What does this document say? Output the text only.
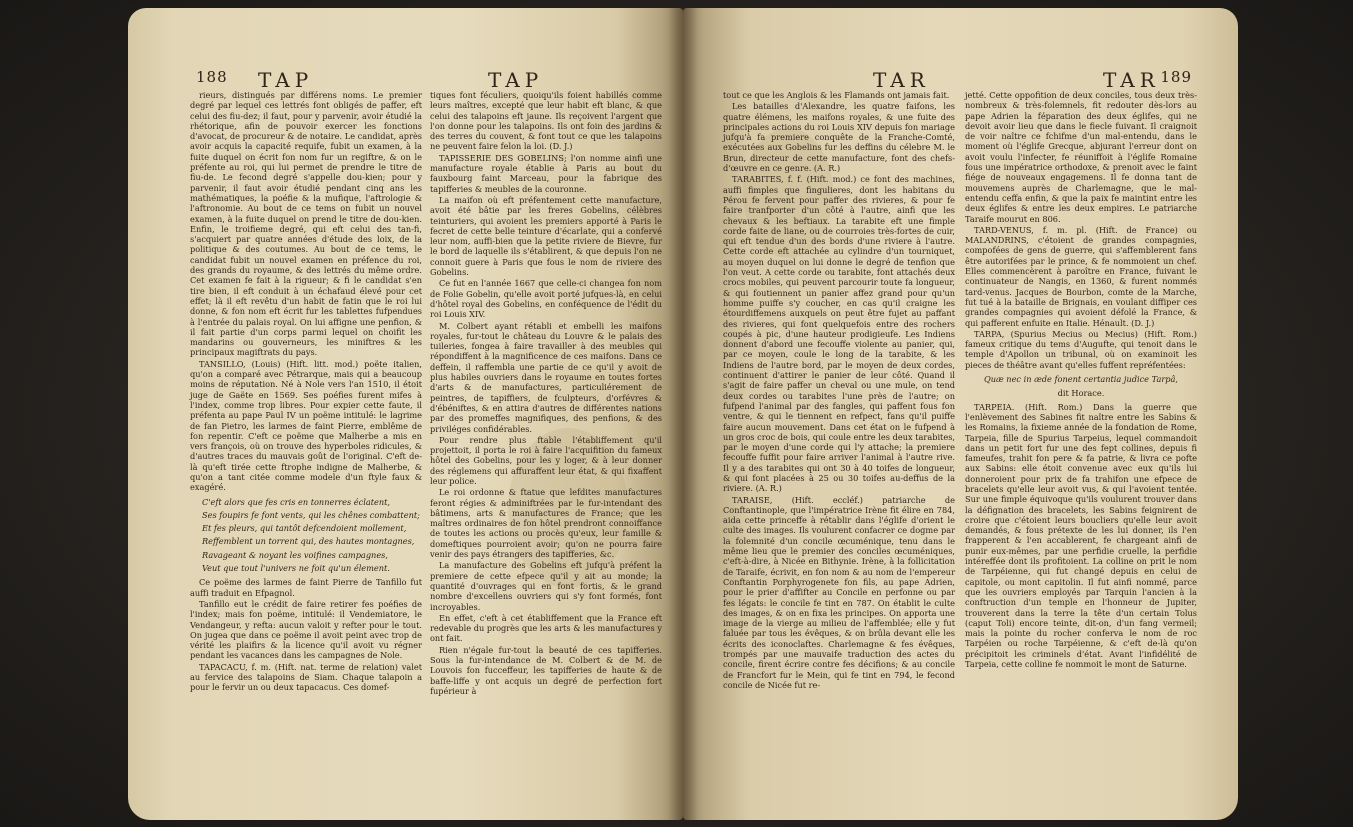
188 TAP	TAP

rieurs, distingués par différens noms. Le premier degré par lequel ces lettrés font obligés de paffer, eft celui des fiu-dez; il faut, pour y parvenir, avoir étudié la rhétorique, afin de pouvoir exercer les fonctions d'avocat, de procureur & de notaire. Le candidat, après avoir acquis la capacité requife, fubit un examen, à la fuite duquel on écrit fon nom fur un regiftre, & on le préfente au roi, qui lui permet de prendre le titre de fiu-de. Le fecond degré s'appelle dou-kien; pour y parvenir, il faut avoir étudié pendant cinq ans les mathématiques, la poéfie & la mufique, l'aftrologie & l'aftronomie. Au bout de ce tems on fubit un nouvel examen, à la fuite duquel on prend le titre de dou-kien. Enfin, le troifieme degré, qui eft celui des tan-fi, s'acquiert par quatre années d'étude des loix, de la politique & des coutumes. Au bout de ce tems, le candidat fubit un nouvel examen en préfence du roi, des grands du royaume, & des lettrés du même ordre. Cet examen fe fait à la rigueur; & fi le candidat s'en tire bien, il eft conduit à un échafaud élevé pour cet effet; là il eft revêtu d'un habit de fatin que le roi lui donne, & fon nom eft écrit fur les tablettes fufpendues à l'entrée du palais royal. On lui affigne une penfion, & il fait partie d'un corps parmi lequel on choifit les mandarins ou gouverneurs, les miniftres & les principaux magiftrats du pays.

TANSILLO, (Louis) (Hift. litt. mod.) poëte italien, qu'on a comparé avec Pétrarque, mais qui a beaucoup moins de réputation. Né à Nole vers l'an 1510, il étoit juge de Gaëte en 1569. Ses poéfies furent mifes à l'index, comme trop libres. Pour expier cette faute, il préfenta au pape Paul IV un poëme intitulé: le lagrime de fan Pietro, les larmes de faint Pierre, emblême de fon repentir. C'eft ce poëme que Malherbe a mis en vers françois, où on trouve des hyperboles ridicules, & d'autres traces du mauvais goût de l'original. C'eft de-là qu'eft tirée cette ftrophe indigne de Malherbe, & qu'on a tant citée comme modele d'un ftyle faux & exagéré.

C'eft alors que fes cris en tonnerres éclatent,

Ses foupirs fe font vents, qui les chênes combattent;

Et fes pleurs, qui tantôt defcendoient mollement,

Reffemblent un torrent qui, des hautes montagnes,

Ravageant & noyant les voifines campagnes,

Veut que tout l'univers ne foit qu'un élement.

Ce poëme des larmes de faint Pierre de Tanfillo fut auffi traduit en Efpagnol.

Tanfillo eut le crédit de faire retirer fes poéfies de l'index; mais fon poëme, intitulé: il Vendemiatore, le Vendangeur, y refta: aucun valoit y refter pour le tout. On jugea que dans ce poëme il avoit peint avec trop de vérité les plaifirs & la licence qu'il avoit vu régner pendant les vacances dans les campagnes de Nole.

TAPACACU, f. m. (Hift. nat. terme de relation) valet au fervice des talapoins de Siam. Chaque talapoin a pour le fervir un ou deux tapacacus. Ces domef-

tiques font féculiers, quoiqu'ils foient habillés comme leurs maîtres, excepté que leur habit eft blanc, & que celui des talapoins eft jaune. Ils reçoivent l'argent que l'on donne pour les talapoins. Ils ont foin des jardins & des terres du couvent, & font tout ce que les talapoins ne peuvent faire felon la loi. (D. J.)

TAPISSERIE DES GOBELINS; l'on nomme ainfi une manufacture royale établie à Paris au bout du fauxbourg faint Marceau, pour la fabrique des tapifferies & meubles de la couronne.

La maifon où eft préfentement cette manufacture, avoit été bâtie par les freres Gobelins, célèbres teinturiers, qui avoient les premiers apporté à Paris le fecret de cette belle teinture d'écarlate, qui a confervé leur nom, auffi-bien que la petite riviere de Bievre, fur le bord de laquelle ils s'établirent, & que depuis l'on ne connoit guere à Paris que fous le nom de riviere des Gobelins.

Ce fut en l'année 1667 que celle-ci changea fon nom de Folie Gobelin, qu'elle avoit porté jufques-là, en celui d'hôtel royal des Gobelins, en conféquence de l'édit du roi Louis XIV.

M. Colbert ayant rétabli et embelli les maifons royales, fur-tout le château du Louvre & le palais des tuileries, fongea à faire travailler à des meubles qui répondiffent à la magnificence de ces maifons. Dans ce deffein, il raffembla une partie de ce qu'il y avoit de plus habiles ouvriers dans le royaume en toutes fortes d'arts & de manufactures, particuliérement de peintres, de tapiffiers, de fculpteurs, d'orfévres & d'ébéniftes, & en attira d'autres de différentes nations par des promeffes magnifiques, des penfions, & des priviléges confidérables.

Pour rendre plus ftable l'établiffement qu'il projettoit, il porta le roi à faire l'acquifition du fameux hôtel des Gobelins, pour les y loger, & à leur donner des réglemens qui affuraffent leur état, & qui fixaffent leur police.

Le roi ordonne & ftatue que lefdites manufactures feront régies & adminiftrées par le fur-intendant des bâtimens, arts & manufactures de France; que les maîtres ordinaires de fon hôtel prendront connoiffance de toutes les actions ou procès qu'eux, leur famille & domeftiques pourroient avoir; qu'on ne pourra faire venir des pays étrangers des tapifferies, &c.

La manufacture des Gobelins eft jufqu'à préfent la premiere de cette efpece qu'il y ait au monde; la quantité d'ouvrages qui en font fortis, & le grand nombre d'excellens ouvriers qui s'y font formés, font incroyables.

En effet, c'eft à cet établiffement que la France eft redevable du progrès que les arts & les manufactures y ont fait.

Rien n'égale fur-tout la beauté de ces tapifferies. Sous la fur-intendance de M. Colbert & de M. de Louvois fon fucceffeur, les tapifferies de haute & de baffe-liffe y ont acquis un degré de perfection fort fupérieur à

TAR	TAR 189

tout ce que les Anglois & les Flamands ont jamais fait.

Les batailles d'Alexandre, les quatre faifons, les quatre élémens, les maifons royales, & une fuite des principales actions du roi Louis XIV depuis fon mariage jufqu'à fa premiere conquête de la Franche-Comté, exécutées aux Gobelins fur les deffins du célebre M. le Brun, directeur de cette manufacture, font des chefs-d'œuvre en ce genre. (A. R.)

TARABITES, f. f. (Hift. mod.) ce font des machines, auffi fimples que fingulieres, dont les habitans du Pérou fe fervent pour paffer des rivieres, & pour fe faire tranfporter d'un côté à l'autre, ainfi que les chevaux & les beftiaux. La tarabite eft une fimple corde faite de liane, ou de courroies très-fortes de cuir, qui eft tendue d'un des bords d'une riviere à l'autre. Cette corde eft attachée au cylindre d'un tourniquet, au moyen duquel on lui donne le degré de tenfion que l'on veut. A cette corde ou tarabite, font attachés deux crocs mobiles, qui peuvent parcourir toute fa longueur, & qui foutiennent un panier affez grand pour qu'un homme puiffe s'y coucher, en cas qu'il craigne les étourdiffemens auxquels on peut être fujet au paffant des rivieres, qui font quelquefois entre des rochers coupés à pic, d'une hauteur prodigieufe. Les Indiens donnent d'abord une fecouffe violente au panier, qui, par ce moyen, coule le long de la tarabite, & les Indiens de l'autre bord, par le moyen de deux cordes, continuent d'attirer le panier de leur côté. Quand il s'agit de faire paffer un cheval ou une mule, on tend deux cordes ou tarabites l'une près de l'autre; on fufpend l'animal par des fangles, qui paffent fous fon ventre, & qui le tiennent en refpect, fans qu'il puiffe faire aucun mouvement. Dans cet état on le fufpend à un gros croc de bois, qui coule entre les deux tarabites, par le moyen d'une corde qui l'y attache; la premiere fecouffe fuffit pour faire arriver l'animal à l'autre rive. Il y a des tarabites qui ont 30 à 40 toifes de longueur, & qui font placées à 25 ou 30 toifes au-deffus de la riviere. (A. R.)

TARAISE, (Hift. eccléf.) patriarche de Conftantinople, que l'impératrice Irène fit élire en 784, aida cette princeffe à rétablir dans l'églife d'orient le culte des images. Ils voulurent confacrer ce dogme par la folemnité d'un concile œcuménique, tenu dans le même lieu que le premier des conciles œcuméniques, c'eft-à-dire, à Nicée en Bithynie. Irène, à la follicitation de Taraife, écrivit, en fon nom & au nom de l'empereur Conftantin Porphyrogenete fon fils, au pape Adrien, pour le prier d'affifter au Concile en perfonne ou par fes légats: le concile fe tint en 787. On établit le culte des images, & on en fixa les principes. On apporta une image de la vierge au milieu de l'affemblée; elle y fut faluée par tous les évêques, & on brûla devant elle les écrits des iconoclaftes. Charlemagne & fes évêques, trompés par une mauvaife traduction des actes du concile, firent écrire contre fes décifions; & au concile de Francfort fur le Mein, qui fe tint en 794, le fecond concile de Nicée fut re-

jetté. Cette oppofition de deux conciles, tous deux très-nombreux & très-folemnels, fit redouter dès-lors au pape Adrien la féparation des deux églifes, qui ne devoit avoir lieu que dans le fiecle fuivant. Il craignoit de voir naître ce fchifme d'un mal-entendu, dans le moment où l'églife Grecque, abjurant l'erreur dont on avoit voulu l'infecter, fe réuniffoit à l'églife Romaine fous une impératrice orthodoxe, & prenoit avec le faint fiége de nouveaux engagemens. Il fe donna tant de mouvemens auprès de Charlemagne, que le mal-entendu ceffa enfin, & que la paix fe maintint entre les deux églifes & entre les deux empires. Le patriarche Taraife mourut en 806.

TARD-VENUS, f. m. pl. (Hift. de France) ou MALANDRINS, c'étoient de grandes compagnies, compofées de gens de guerre, qui s'affemblerent fans être autorifées par le prince, & fe nommoient un chef. Elles commencèrent à paroître en France, fuivant le continuateur de Nangis, en 1360, & furent nommés tard-venus. Jacques de Bourbon, comte de la Marche, fut tué à la bataille de Brignais, en voulant diffiper ces grandes compagnies qui avoient défolé la France, & qui pafferent enfuite en Italie. Hénault. (D. J.)

TARPA, (Spurius Mecius ou Mecius) (Hift. Rom.) fameux critique du tems d'Augufte, qui tenoit dans le temple d'Apollon un tribunal, où on examinoit les pieces de théâtre avant qu'elles fuffent repréfentées:

Quæ nec in æde fonent certantia judice Tarpâ,

dit Horace.

TARPEIA. (Hift. Rom.) Dans la guerre que l'enlèvement des Sabines fit naître entre les Sabins & les Romains, la fixieme année de la fondation de Rome, Tarpeia, fille de Spurius Tarpeius, lequel commandoit dans un petit fort fur une des fept collines, depuis fi fameufes, trahit fon pere & fa patrie, & livra ce pofte aux Sabins: elle étoit convenue avec eux qu'ils lui donneroient pour prix de fa trahifon une efpece de bracelets qu'elle leur avoit vus, & qui l'avoient tentée. Sur une fimple équivoque qu'ils voulurent trouver dans la défignation des bracelets, les Sabins feignirent de croire que c'étoient leurs boucliers qu'elle leur avoit demandés, & fous prétexte de les lui donner, ils l'en frapperent & l'en accablerent, fe chargeant ainfi de punir eux-mêmes, par une perfidie cruelle, la perfidie intéreffée dont ils profitoient. La colline on prit le nom de Tarpéienne, qui fut changé depuis en celui de capitole, ou mont capitolin. Il fut ainfi nommé, parce que les ouvriers employés par Tarquin l'ancien à la conftruction d'un temple en l'honneur de Jupiter, trouverent dans la terre la tête d'un certain Tolus (caput Toli) encore teinte, dit-on, d'un fang vermeil; mais la pointe du rocher conferva le nom de roc Tarpéien ou roche Tarpéienne, & c'eft de-là qu'on précipitoit les criminels d'état. Avant l'infidélité de Tarpeia, cette colline fe nommoit le mont de Saturne.
